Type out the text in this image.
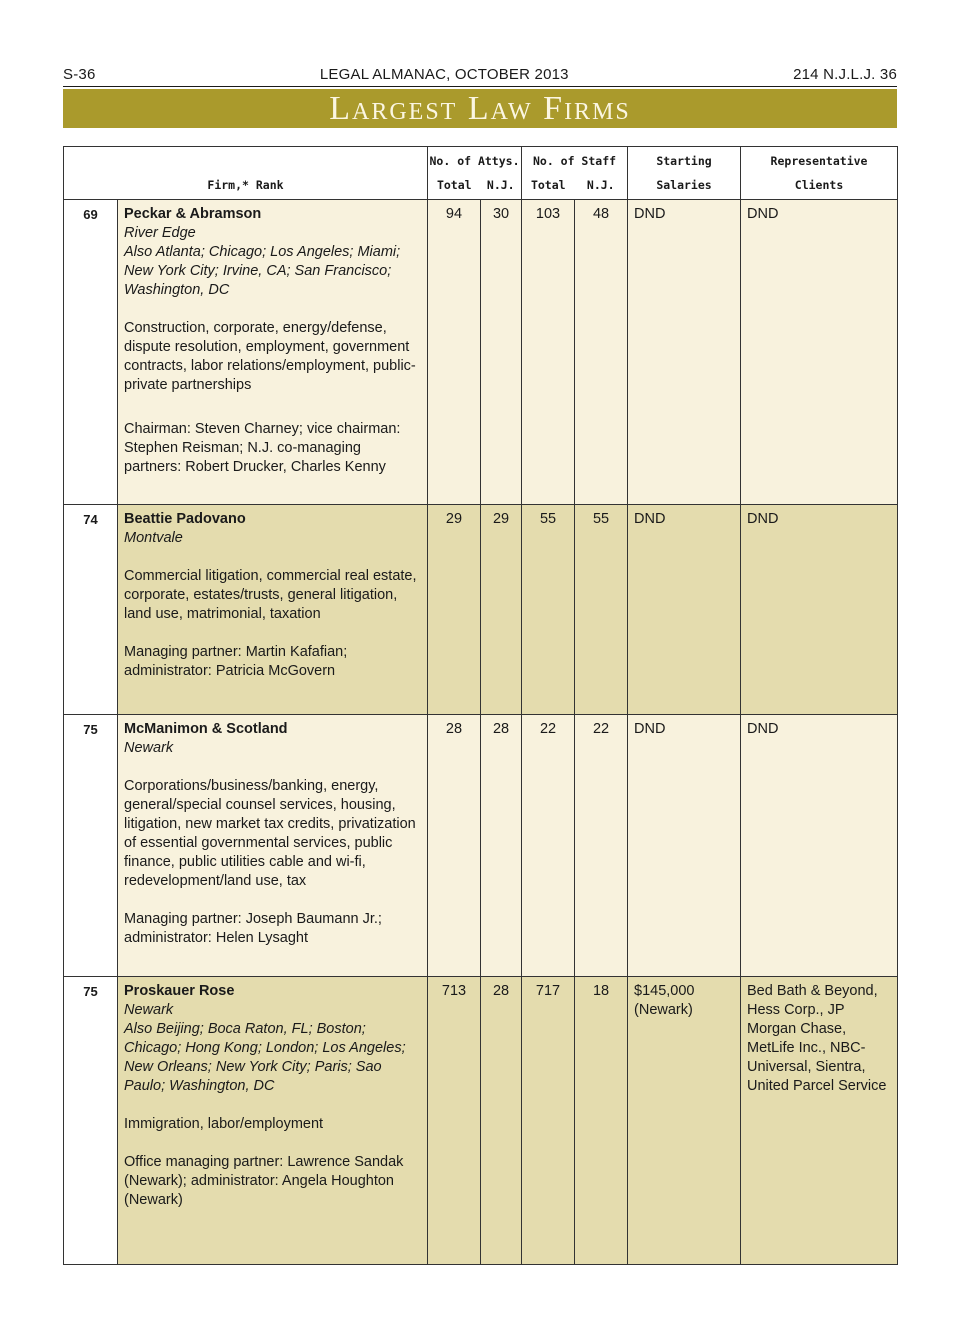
S-36	LEGAL ALMANAC, OCTOBER 2013	214 N.J.L.J. 36
Largest Law Firms
		No. of Attys.		No. of Staff		Starting	Representative
Firm,* Rank		Total	N.J.	Total	N.J.	Salaries	Clients
69	Peckar & Abramson
River Edge
Also Atlanta; Chicago; Los Angeles; Miami; New York City; Irvine, CA; San Francisco; Washington, DC
Construction, corporate, energy/defense, dispute resolution, employment, government contracts, labor relations/employment, public-private partnerships
Chairman: Steven Charney; vice chairman: Stephen Reisman; N.J. co-managing partners: Robert Drucker, Charles Kenny	94	30	103	48	DND	DND
74	Beattie Padovano
Montvale
Commercial litigation, commercial real estate, corporate, estates/trusts, general litigation, land use, matrimonial, taxation
Managing partner: Martin Kafafian; administrator: Patricia McGovern	29	29	55	55	DND	DND
75	McManimon & Scotland
Newark
Corporations/business/banking, energy, general/special counsel services, housing, litigation, new market tax credits, privatization of essential governmental services, public finance, public utilities cable and wi-fi, redevelopment/land use, tax
Managing partner: Joseph Baumann Jr.; administrator: Helen Lysaght	28	28	22	22	DND	DND
75	Proskauer Rose
Newark
Also Beijing; Boca Raton, FL; Boston; Chicago; Hong Kong; London; Los Angeles; New Orleans; New York City; Paris; Sao Paulo; Washington, DC
Immigration, labor/employment
Office managing partner: Lawrence Sandak (Newark); administrator: Angela Houghton (Newark)	713	28	717	18	$145,000 (Newark)	Bed Bath & Beyond, Hess Corp., JP Morgan Chase, MetLife Inc., NBC-Universal, Sientra, United Parcel Service
